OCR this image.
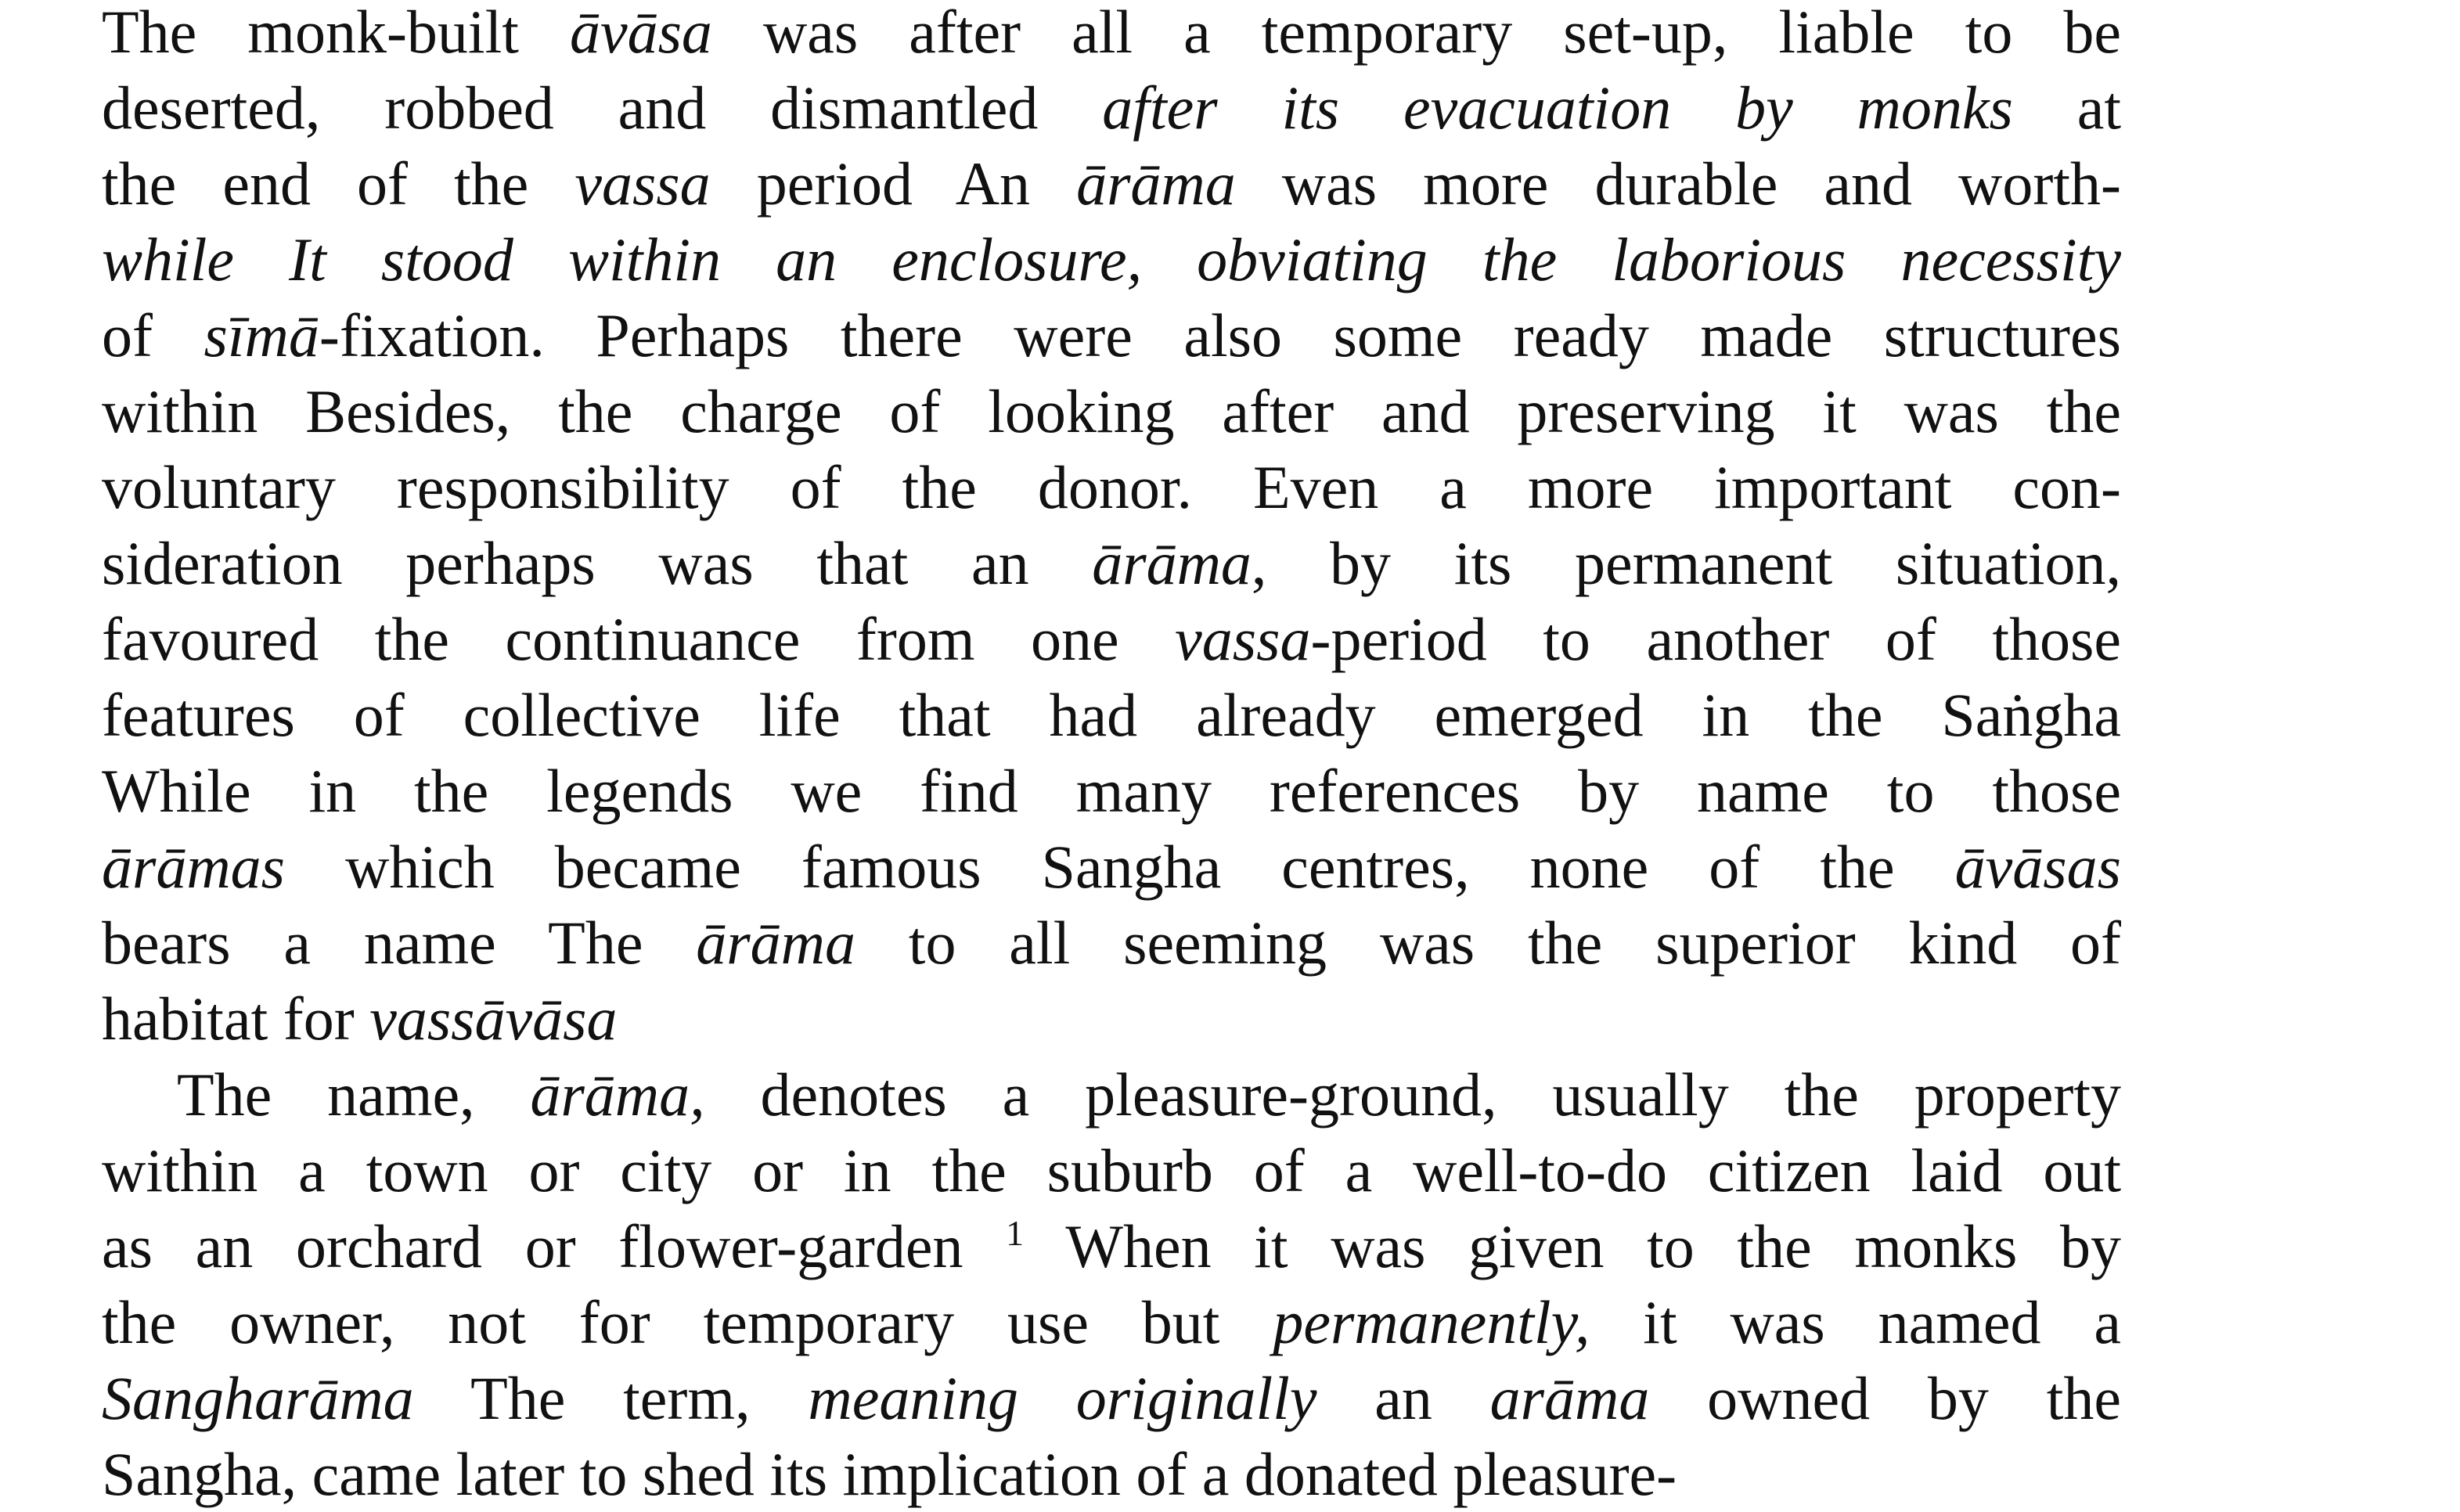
The monk-built āvāsa was after all a temporary set-up, liable to be
deserted, robbed and dismantled after its evacuation by monks at
the end of the vassa period An ārāma was more durable and worth-
while It stood within an enclosure, obviating the laborious necessity
of sīmā-fixation. Perhaps there were also some ready made structures
within Besides, the charge of looking after and preserving it was the
voluntary responsibility of the donor. Even a more important con-
sideration perhaps was that an ārāma, by its permanent situation,
favoured the continuance from one vassa-period to another of those
features of collective life that had already emerged in the Saṅgha
While in the legends we find many references by name to those
ārāmas which became famous Sangha centres, none of the āvāsas
bears a name The ārāma to all seeming was the superior kind of
habitat for vassāvāsa
The name, ārāma, denotes a pleasure-ground, usually the property
within a town or city or in the suburb of a well-to-do citizen laid out
as an orchard or flower-garden $^1$ When it was given to the monks by
the owner, not for temporary use but permanently, it was named a
Sangharāma The term, meaning originally an arāma owned by the
Sangha, came later to shed its implication of a donated pleasure-
